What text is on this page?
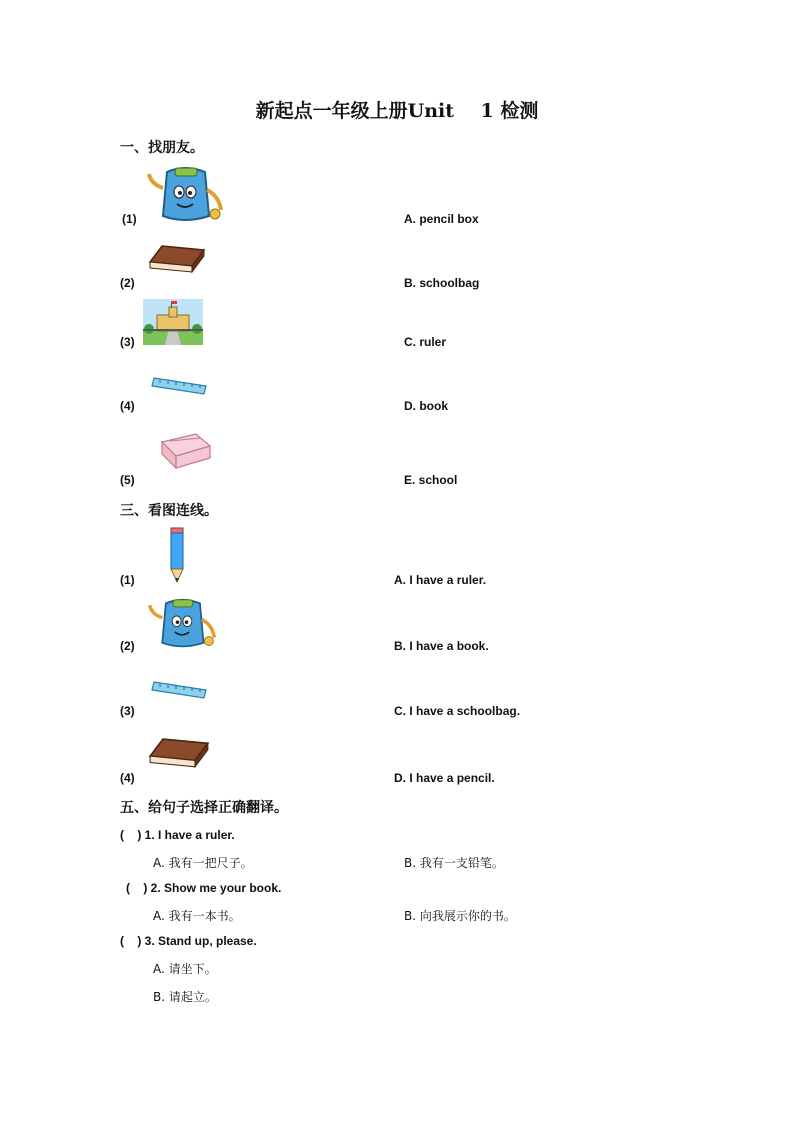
新起点一年级上册Unit    1 检测
一、找朋友。
(1)	A. pencil box
(2)	B. schoolbag
(3)	C. ruler
(4)	D. book
(5)	E. school
三、看图连线。
(1)	A. I have a ruler.
(2)	B. I have a book.
(3)	C. I have a schoolbag.
(4)	D. I have a pencil.
五、给句子选择正确翻译。
(    ) 1. I have a ruler.
A. 我有一把尺子。	B. 我有一支铅笔。
(    ) 2. Show me your book.
A. 我有一本书。	B. 向我展示你的书。
(    ) 3. Stand up, please.
A. 请坐下。
B. 请起立。
